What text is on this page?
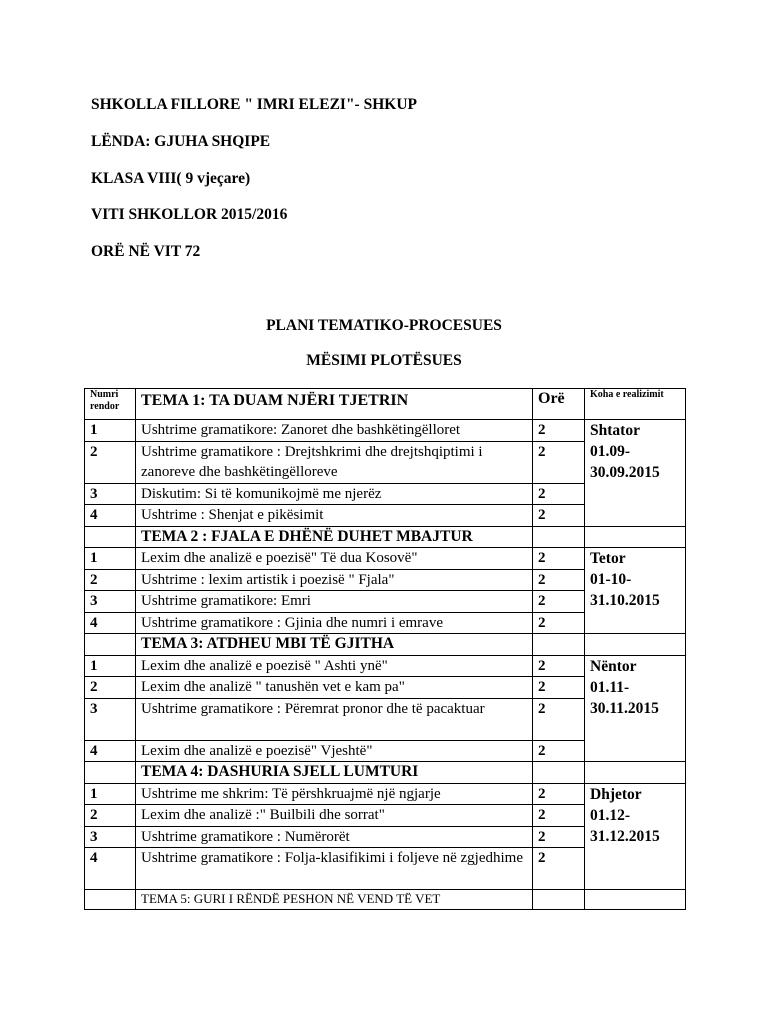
SHKOLLA FILLORE " IMRI ELEZI"- SHKUP
LËNDA: GJUHA SHQIPE
KLASA VIII( 9 vjeçare)
VITI SHKOLLOR 2015/2016
ORË NË VIT 72
PLANI TEMATIKO-PROCESUES
MËSIMI PLOTËSUES
Numri rendor	TEMA 1: TA DUAM NJËRI TJETRIN	Orë	Koha e realizimit
1	Ushtrime gramatikore: Zanoret dhe bashkëtingëlloret	2	Shtator
01.09-
30.09.2015

2	Ushtrime gramatikore : Drejtshkrimi dhe drejtshqiptimi i zanoreve dhe bashkëtingëlloreve	2	
3	Diskutim: Si të komunikojmë me njerëz	2	
4	Ushtrime : Shenjat e pikësimit	2	
	TEMA 2 : FJALA E DHËNË DUHET MBAJTUR		
1	Lexim dhe analizë e poezisë" Të dua Kosovë"	2	Tetor
01-10-
31.10.2015

2	Ushtrime : lexim artistik i poezisë " Fjala"	2	
3	Ushtrime gramatikore: Emri	2	
4	Ushtrime gramatikore : Gjinia dhe numri i emrave	2	
	TEMA 3: ATDHEU MBI TË GJITHA		
1	Lexim dhe analizë e poezisë " Ashti ynë"	2	Nëntor
01.11-
30.11.2015

2	Lexim dhe analizë " tanushën vet e kam pa"	2	
3	Ushtrime gramatikore : Përemrat pronor dhe të pacaktuar	2	
4	Lexim dhe analizë e poezisë" Vjeshtë"	2	
	TEMA 4: DASHURIA SJELL LUMTURI		
1	Ushtrime me shkrim: Të përshkruajmë një ngjarje	2	Dhjetor
01.12-
31.12.2015

2	Lexim dhe analizë :" Builbili dhe sorrat"	2	
3	Ushtrime gramatikore : Numërorët	2	
4	Ushtrime gramatikore : Folja-klasifikimi i foljeve në zgjedhime	2	
	TEMA 5: GURI I RËNDË PESHON NË VEND TË VET		
